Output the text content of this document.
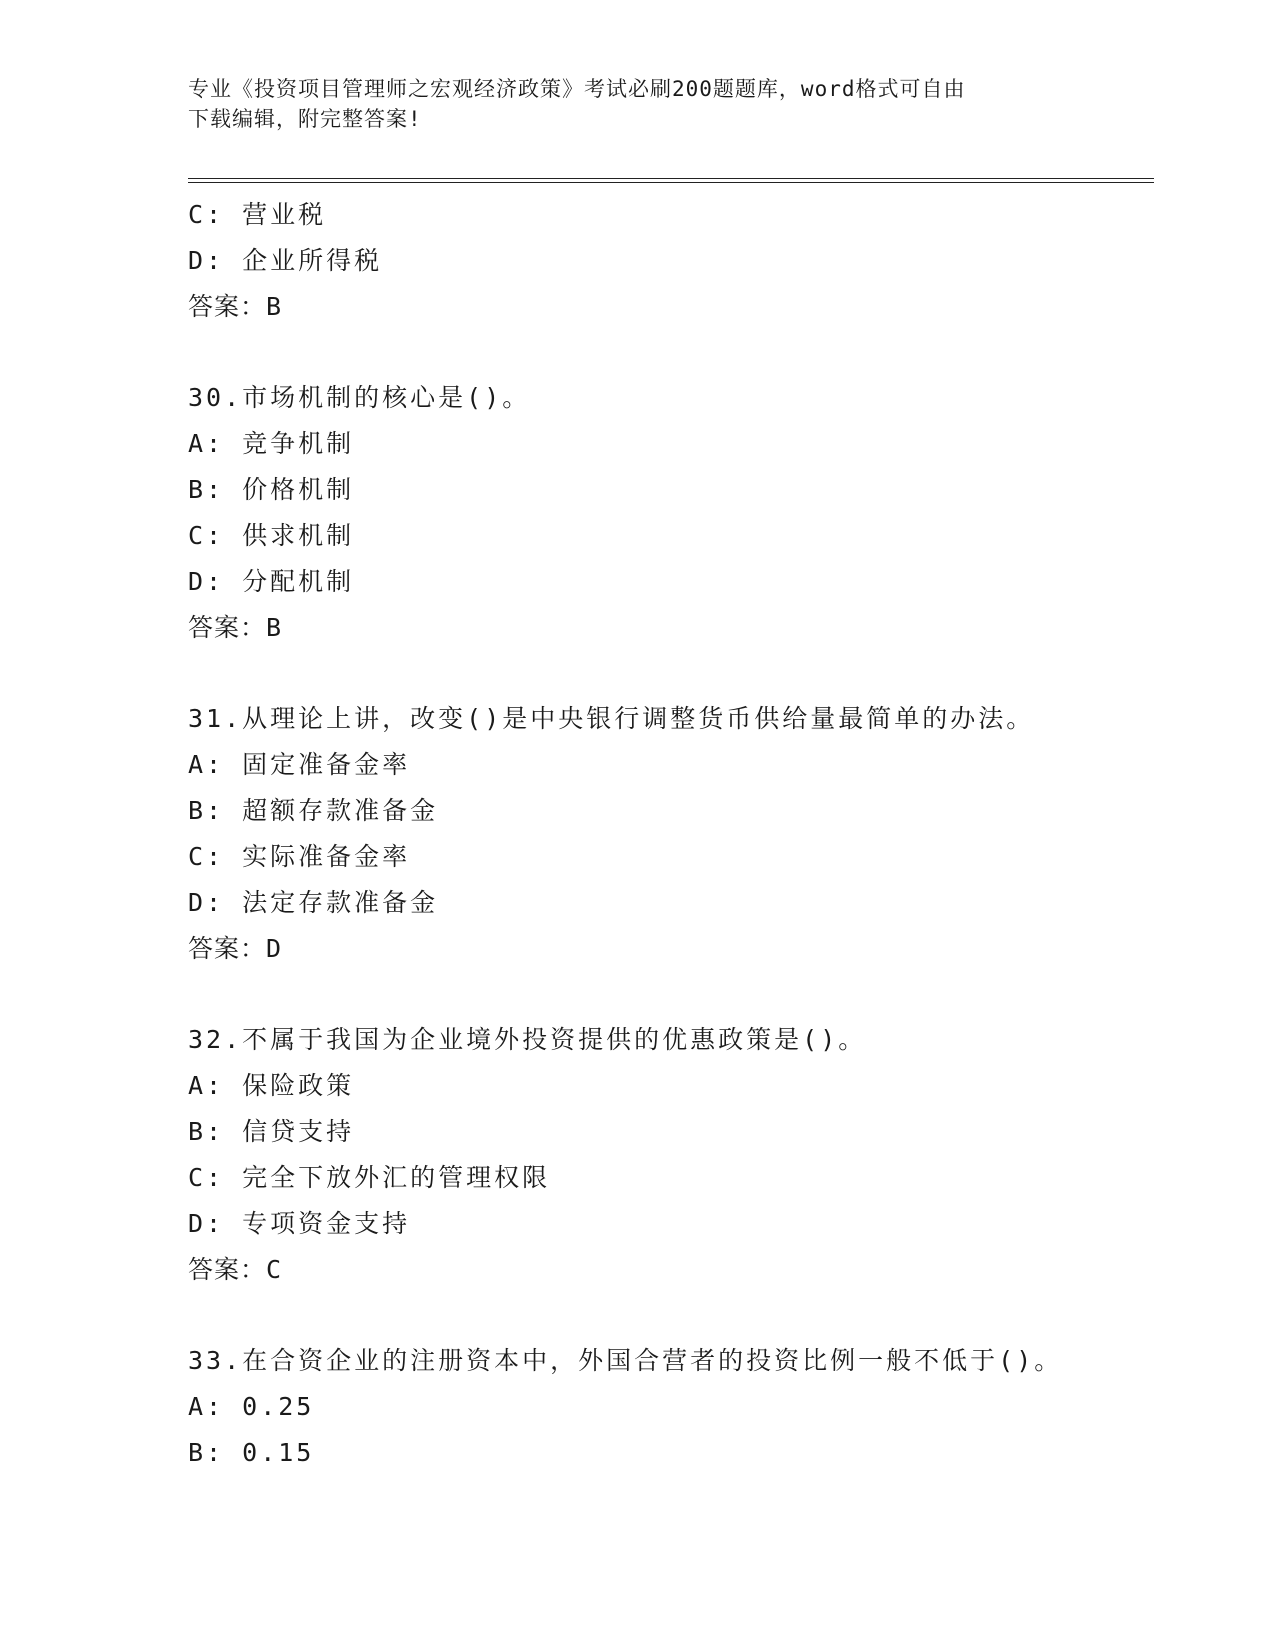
专业《投资项目管理师之宏观经济政策》考试必刷200题题库，word格式可自由
下载编辑，附完整答案!
C: 营业税
D: 企业所得税
答案：B
30.市场机制的核心是()。
A: 竞争机制
B: 价格机制
C: 供求机制
D: 分配机制
答案：B
31.从理论上讲，改变()是中央银行调整货币供给量最简单的办法。
A: 固定准备金率
B: 超额存款准备金
C: 实际准备金率
D: 法定存款准备金
答案：D
32.不属于我国为企业境外投资提供的优惠政策是()。
A: 保险政策
B: 信贷支持
C: 完全下放外汇的管理权限
D: 专项资金支持
答案：C
33.在合资企业的注册资本中，外国合营者的投资比例一般不低于()。
A: 0.25
B: 0.15
